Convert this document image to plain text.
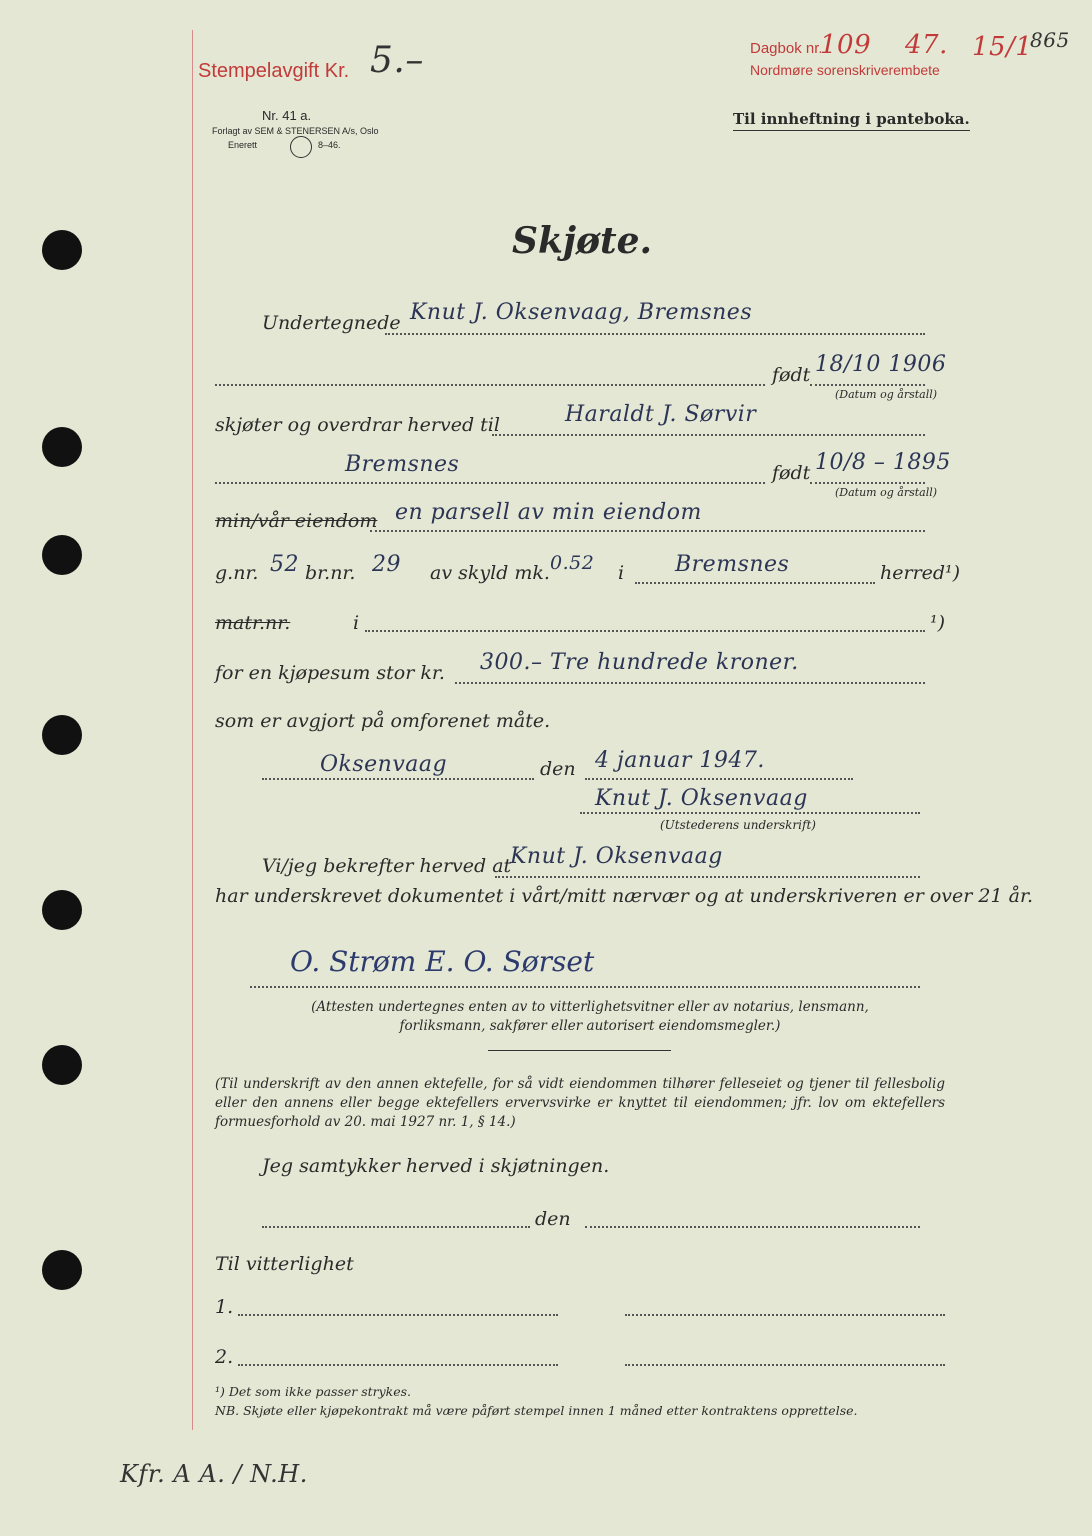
Stempelavgift Kr. 5.–	Dagbok nr.
109 47. 15/1
865
Nordmøre sorenskriverembete
Nr. 41 a.
Forlagt av SEM & STENERSEN A/s, Oslo
Enerett	8–46.
Til innheftning i panteboka.
Skjøte.
Undertegnede Knut J. Oksenvaag, Bremsnes
født 18/10 1906
(Datum og årstall)
skjøter og overdrar herved til	Haraldt J. Sørvir
Bremsnes	født 10/8 – 1895
(Datum og årstall)
min/vår eiendom en parsell av min eiendom
g.nr. 52 br.nr. 29 av skyld mk. 0.52 i Bremsnes	herred¹)
matr.nr.	i	¹)
for en kjøpesum stor kr. 300.– Tre hundrede kroner.
som er avgjort på omforenet måte.
Oksenvaag	den 4 januar 1947.
Knut J. Oksenvaag
(Utstederens underskrift)
Vi/jeg bekrefter herved at
Knut J. Oksenvaag
har underskrevet dokumentet i vårt/mitt nærvær og at underskriveren er over 21 år.
O. Strøm E. O. Sørset
(Attesten undertegnes enten av to vitterlighetsvitner eller av notarius, lensmann, forliksmann, sakfører eller autorisert eiendomsmegler.)
(Til underskrift av den annen ektefelle, for så vidt eiendommen tilhører felleseiet og tjener til fellesbolig eller den annens eller begge ektefellers ervervsvirke er knyttet til eiendommen; jfr. lov om ektefellers formuesforhold av 20. mai 1927 nr. 1, § 14.)
Jeg samtykker herved i skjøtningen.
den
Til vitterlighet
1.
2.
¹) Det som ikke passer strykes.
NB. Skjøte eller kjøpekontrakt må være påført stempel innen 1 måned etter kontraktens opprettelse.
Kfr. A A. / N.H.
